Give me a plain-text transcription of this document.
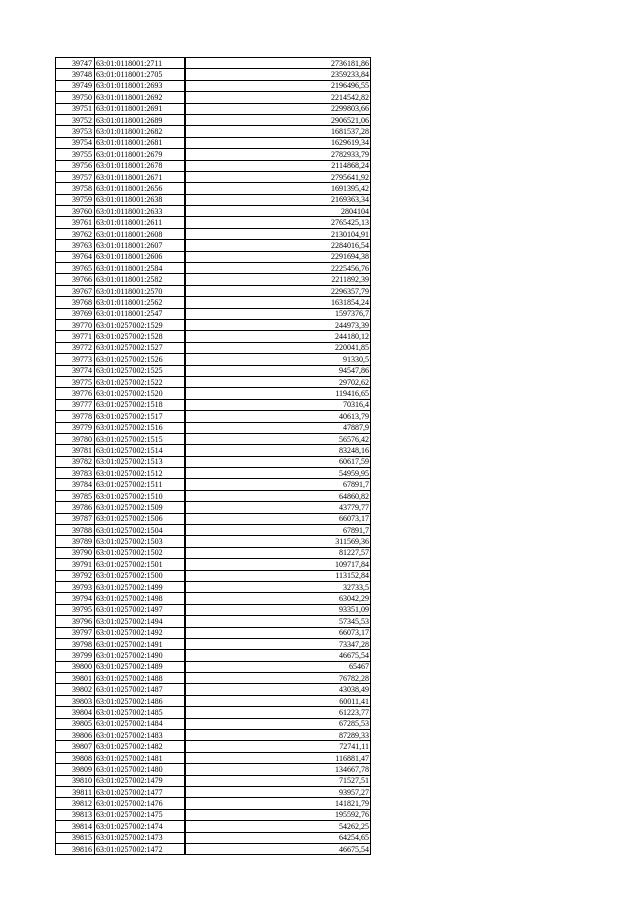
39747	63:01:0118001:2711	2736181,86
39748	63:01:0118001:2705	2359233,84
39749	63:01:0118001:2693	2196496,55
39750	63:01:0118001:2692	2214542,82
39751	63:01:0118001:2691	2299803,66
39752	63:01:0118001:2689	2906521,06
39753	63:01:0118001:2682	1681537,28
39754	63:01:0118001:2681	1629619,34
39755	63:01:0118001:2679	2782933,79
39756	63:01:0118001:2678	2114868,24
39757	63:01:0118001:2671	2795641,92
39758	63:01:0118001:2656	1691395,42
39759	63:01:0118001:2638	2169363,34
39760	63:01:0118001:2633	2804104
39761	63:01:0118001:2611	2765425,13
39762	63:01:0118001:2608	2130104,91
39763	63:01:0118001:2607	2284016,54
39764	63:01:0118001:2606	2291694,38
39765	63:01:0118001:2584	2225456,76
39766	63:01:0118001:2582	2211892,39
39767	63:01:0118001:2570	2296357,79
39768	63:01:0118001:2562	1631854,24
39769	63:01:0118001:2547	1597376,7
39770	63:01:0257002:1529	244973,39
39771	63:01:0257002:1528	244180,12
39772	63:01:0257002:1527	220041,85
39773	63:01:0257002:1526	91330,5
39774	63:01:0257002:1525	94547,86
39775	63:01:0257002:1522	29702,62
39776	63:01:0257002:1520	119416,65
39777	63:01:0257002:1518	70316,4
39778	63:01:0257002:1517	40613,79
39779	63:01:0257002:1516	47887,9
39780	63:01:0257002:1515	56576,42
39781	63:01:0257002:1514	83248,16
39782	63:01:0257002:1513	60617,59
39783	63:01:0257002:1512	54959,95
39784	63:01:0257002:1511	67891,7
39785	63:01:0257002:1510	64860,82
39786	63:01:0257002:1509	43779,77
39787	63:01:0257002:1506	66073,17
39788	63:01:0257002:1504	67891,7
39789	63:01:0257002:1503	311569,36
39790	63:01:0257002:1502	81227,57
39791	63:01:0257002:1501	109717,84
39792	63:01:0257002:1500	113152,84
39793	63:01:0257002:1499	32733,5
39794	63:01:0257002:1498	63042,29
39795	63:01:0257002:1497	93351,09
39796	63:01:0257002:1494	57345,53
39797	63:01:0257002:1492	66073,17
39798	63:01:0257002:1491	73347,28
39799	63:01:0257002:1490	46675,54
39800	63:01:0257002:1489	65467
39801	63:01:0257002:1488	76782,28
39802	63:01:0257002:1487	43038,49
39803	63:01:0257002:1486	60011,41
39804	63:01:0257002:1485	61223,77
39805	63:01:0257002:1484	67285,53
39806	63:01:0257002:1483	87289,33
39807	63:01:0257002:1482	72741,11
39808	63:01:0257002:1481	116881,47
39809	63:01:0257002:1480	134667,78
39810	63:01:0257002:1479	71527,51
39811	63:01:0257002:1477	93957,27
39812	63:01:0257002:1476	141821,79
39813	63:01:0257002:1475	195592,76
39814	63:01:0257002:1474	54262,25
39815	63:01:0257002:1473	64254,65
39816	63:01:0257002:1472	46675,54
